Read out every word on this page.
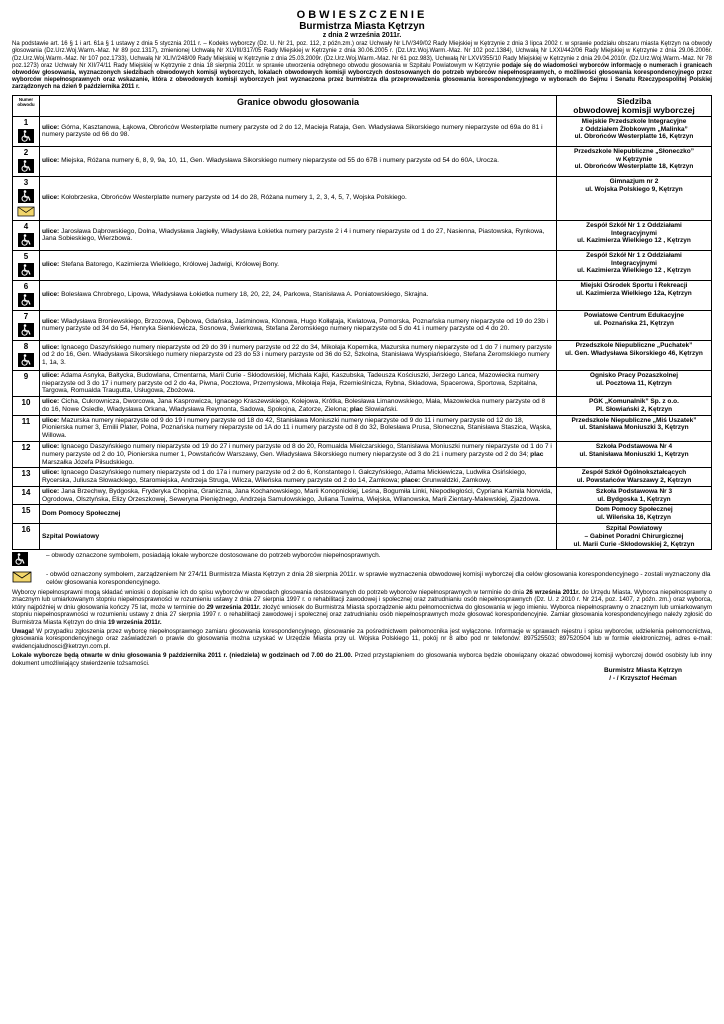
OBWIESZCZENIE
Burmistrza Miasta Kętrzyn
z dnia 2 września 2011r.
Na podstawie art. 16 § 1 i art. 61a § 1 ustawy z dnia 5 stycznia 2011 r. – Kodeks wyborczy (Dz. U. Nr 21, poz. 112, z późn.zm.) oraz Uchwały Nr LIV/349/02 Rady Miejskiej w Kętrzynie z dnia 3 lipca 2002 r. w sprawie podziału obszaru miasta Kętrzyn na obwody głosowania (Dz.Urz.Woj.Warm.-Maz. Nr 89 poz.1317), zmienionej Uchwałą Nr XLVIII/317/05 Rady Miejskiej w Kętrzynie z dnia 30.06.2005 r. (Dz.Urz.Woj.Warm.-Maz. Nr 102 poz.1384), Uchwałą Nr LXXI/442/06 Rady Miejskiej w Kętrzynie z dnia 29.06.2006r. (Dz.Urz.Woj.Warm.-Maz. Nr 107 poz.1733), Uchwałą Nr XLIV/248/09 Rady Miejskiej w Kętrzynie z dnia 25.03.2009r. (Dz.Urz.Woj.Warm.-Maz. Nr 61 poz.983), Uchwałą Nr LXVI/355/10 Rady Miejskiej w Kętrzynie z dnia 29.04.2010r. (Dz.Urz.Woj.Warm.-Maz. Nr 78 poz.1273) oraz Uchwały Nr XII/74/11 Rady Miejskiej w Kętrzynie z dnia 18 sierpnia 2011r. w sprawie utworzenia odrębnego obwodu głosowania w Szpitalu Powiatowym w Kętrzynie podaje się do wiadomości wyborców informację o numerach i granicach obwodów głosowania, wyznaczonych siedzibach obwodowych komisji wyborczych, lokalach obwodowych komisji wyborczych dostosowanych do potrzeb wyborców niepełnosprawnych, o możliwości głosowania korespondencyjnego przez wyborców niepełnosprawnych oraz wskazanie, która z obwodowych komisji wyborczych jest wyznaczona przez burmistrza dla przeprowadzenia głosowania korespondencyjnego w wyborach do Sejmu i Senatu Rzeczypospolitej Polskiej zarządzonych na dzień 9 października 2011 r.
Numer obwodu	Granice obwodu głosowania	Siedziba
obwodowej komisji wyborczej

1	ulice: Górna, Kasztanowa, Łąkowa, Obrońców Westerplatte numery parzyste od 2 do 12, Macieja Rataja, Gen. Władysława Sikorskiego numery nieparzyste od 69a do 81 i numery parzyste od 66 do 98.	Miejskie Przedszkole Integracyjne
z Oddziałem Żłobkowym „Malinka”
ul. Obrońców Westerplatte 16, Kętrzyn

2	ulice: Miejska, Różana numery 6, 8, 9, 9a, 10, 11, Gen. Władysława Sikorskiego numery nieparzyste od 55 do 67B i numery parzyste od 54 do 60A, Urocza.	Przedszkole Niepubliczne „Słoneczko”
w Kętrzynie
ul. Obrońców Westerplatte 18, Kętrzyn

3	ulice: Kołobrzeska, Obrońców Westerplatte numery parzyste od 14 do 28, Różana numery 1, 2, 3, 4, 5, 7, Wojska Polskiego.	Gimnazjum nr 2
ul. Wojska Polskiego 9, Kętrzyn

4	ulice: Jarosława Dąbrowskiego, Dolna, Władysława Jagiełły, Władysława Łokietka numery parzyste 2 i 4 i numery nieparzyste od 1 do 27, Nasienna, Piastowska, Rynkowa, Jana Sobieskiego, Wierzbowa.	Zespół Szkół Nr 1 z Oddziałami
Integracyjnymi
ul. Kazimierza Wielkiego 12 , Kętrzyn

5	ulice: Stefana Batorego, Kazimierza Wielkiego, Królowej Jadwigi, Królowej Bony.	Zespół Szkół Nr 1 z Oddziałami
Integracyjnymi
ul. Kazimierza Wielkiego 12 , Kętrzyn

6	ulice: Bolesława Chrobrego, Lipowa, Władysława Łokietka numery 18, 20, 22, 24, Parkowa, Stanisława A. Poniatowskiego, Skrajna.	Miejski Ośrodek Sportu i Rekreacji
ul. Kazimierza Wielkiego 12a, Kętrzyn

7	ulice: Władysława Broniewskiego, Brzozowa, Dębowa, Gdańska, Jaśminowa, Klonowa, Hugo Kołłątaja, Kwiatowa, Pomorska, Poznańska numery nieparzyste od 19 do 23b i numery parzyste od 34 do 54, Henryka Sienkiewicza, Sosnowa, Świerkowa, Stefana Żeromskiego numery nieparzyste od 5 do 41 i numery parzyste od 4 do 20.	Powiatowe Centrum Edukacyjne
ul. Poznańska 21, Kętrzyn

8	ulice: Ignacego Daszyńskiego numery nieparzyste od 29 do 39 i numery parzyste od 22 do 34, Mikołaja Kopernika, Mazurska numery nieparzyste od 1 do 7 i numery parzyste od 2 do 16, Gen. Władysława Sikorskiego numery nieparzyste od 23 do 53 i numery parzyste od 36 do 52, Szkolna, Stanisława Wyspiańskiego, Stefana Żeromskiego numery 1, 1a, 3.	Przedszkole Niepubliczne „Puchatek”
ul. Gen. Władysława Sikorskiego 46, Kętrzyn

9	ulice: Adama Asnyka, Bałtycka, Budowlana, Cmentarna, Marii Curie - Skłodowskiej, Michała Kajki, Kaszubska, Tadeusza Kościuszki, Jerzego Lanca, Mazowiecka numery nieparzyste od 3 do 17 i numery parzyste od 2 do 4a, Piwna, Pocztowa, Przemysłowa, Mikołaja Reja, Rzemieślnicza, Rybna, Składowa, Spacerowa, Sportowa, Szpitalna, Targowa, Romualda Traugutta, Usługowa, Zbożowa.	Ognisko Pracy Pozaszkolnej
ul. Pocztowa 11, Kętrzyn

10	ulice: Cicha, Cukrownicza, Dworcowa, Jana Kasprowicza, Ignacego Kraszewskiego, Kolejowa, Krótka, Bolesława Limanowskiego, Mała, Mazowiecka numery parzyste od 8 do 16, Nowe Osiedle, Władysława Orkana, Władysława Reymonta, Sadowa, Spokojna, Zatorze, Zielona; plac Słowiański.	PGK „Komunalnik” Sp. z o.o.
Pl. Słowiański 2, Kętrzyn

11	ulice: Mazurska numery nieparzyste od 9 do 19 i numery parzyste od 18 do 42, Stanisława Moniuszki numery nieparzyste od 9 do 11 i numery parzyste od 12 do 18, Pionierska numer 3, Emilii Plater, Polna, Poznańska numery nieparzyste od 1A do 11 i numery parzyste od 8 do 32, Bolesława Prusa, Słoneczna, Stanisława Staszica, Wąska, Willowa.	Przedszkole Niepubliczne „Miś Uszatek”
ul. Stanisława Moniuszki 3, Kętrzyn

12	ulice: Ignacego Daszyńskiego numery nieparzyste od 19 do 27 i numery parzyste od 8 do 20, Romualda Mielczarskiego, Stanisława Moniuszki numery nieparzyste od 1 do 7 i numery parzyste od 2 do 10, Pionierska numer 1, Powstańców Warszawy, Gen. Władysława Sikorskiego numery nieparzyste od 3 do 21 i numery parzyste od 2 do 34; plac Marszałka Józefa Piłsudskiego.	Szkoła Podstawowa Nr 4
ul. Stanisława Moniuszki 1, Kętrzyn

13	ulice: Ignacego Daszyńskiego numery nieparzyste od 1 do 17a i numery parzyste od 2 do 6, Konstantego I. Gałczyńskiego, Adama Mickiewicza, Ludwika Osińskiego, Rycerska, Juliusza Słowackiego, Staromiejska, Andrzeja Struga, Wilcza, Wileńska numery parzyste od 2 do 14, Zamkowa; place: Grunwaldzki, Zamkowy.	Zespół Szkół Ogólnokształcących
ul. Powstańców Warszawy 2, Kętrzyn

14	ulice: Jana Brzechwy, Bydgoska, Fryderyka Chopina, Graniczna, Jana Kochanowskiego, Marii Konopnickiej, Leśna, Bogumiła Linki, Niepodległości, Cypriana Kamila Norwida, Ogrodowa, Olsztyńska, Elizy Orzeszkowej, Seweryna Pieniężnego, Andrzeja Samulowskiego, Juliana Tuwima, Wiejska, Wilanowska, Marii Zientary-Malewskiej, Zjazdowa.	Szkoła Podstawowa Nr 3
ul. Bydgoska 1, Kętrzyn

15	Dom Pomocy Społecznej	Dom Pomocy Społecznej
ul. Wileńska 16, Kętrzyn

16	Szpital Powiatowy	Szpital Powiatowy
– Gabinet Poradni Chirurgicznej
ul. Marii Curie -Skłodowskiej 2, Kętrzyn
– obwody oznaczone symbolem, posiadają lokale wyborcze dostosowane do potrzeb wyborców niepełnosprawnych.
- obwód oznaczony symbolem, zarządzeniem Nr 274/11 Burmistrza Miasta Kętrzyn z dnia 28 sierpnia 2011r. w sprawie wyznaczenia obwodowej komisji wyborczej dla celów głosowania korespondencyjnego - zostali wyznaczony dla celów głosowania korespondencyjnego.
Wyborcy niepełnosprawni mogą składać wnioski o dopisanie ich do spisu wyborców w obwodach głosowania dostosowanych do potrzeb wyborców niepełnosprawnych w terminie do dnia 26 września 2011r. do Urzędu Miasta. Wyborca niepełnosprawny o znacznym lub umiarkowanym stopniu niepełnosprawności w rozumieniu ustawy z dnia 27 sierpnia 1997 r. o rehabilitacji zawodowej i społecznej oraz zatrudnianiu osób niepełnosprawnych (Dz. U. z 2010 r. Nr 214, poz. 1407, z późn. zm.) oraz wyborca, który najpóźniej w dniu głosowania kończy 75 lat, może w terminie do 29 września 2011r. złożyć wniosek do Burmistrza Miasta sporządzenie aktu pełnomocnictwa do głosowania w jego imieniu. Wyborca niepełnosprawny o znacznym lub umiarkowanym stopniu niepełnosprawności w rozumieniu ustawy z dnia 27 sierpnia 1997 r. o rehabilitacji zawodowej i społecznej oraz zatrudnianiu osób niepełnosprawnych może głosować korespondencyjnie. Zamiar głosowania korespondencyjnego należy zgłosić do Burmistrza Miasta Kętrzyn do dnia 19 września 2011r.
Uwaga! W przypadku zgłoszenia przez wyborcę niepełnosprawnego zamiaru głosowania korespondencyjnego, głosowanie za pośrednictwem pełnomocnika jest wyłączone. Informacje w sprawach rejestru i spisu wyborców, udzielenia pełnomocnictwa, głosowania korespondencyjnego oraz zaświadczeń o prawie do głosowania można uzyskać w Urzędzie Miasta przy ul. Wojska Polskiego 11, pokój nr 8 albo pod nr telefonów: 897525503; 897520504 lub w formie elektronicznej, adres e-mail: ewidencjaludnosci@ketrzyn.com.pl.
Lokale wyborcze będą otwarte w dniu głosowania 9 października 2011 r. (niedziela) w godzinach od 7.00 do 21.00. Przed przystąpieniem do głosowania wyborca będzie obowiązany okazać obwodowej komisji wyborczej dowód osobisty lub inny dokument umożliwiający stwierdzenie tożsamości.
Burmistrz Miasta Kętrzyn
/ - / Krzysztof Hećman
